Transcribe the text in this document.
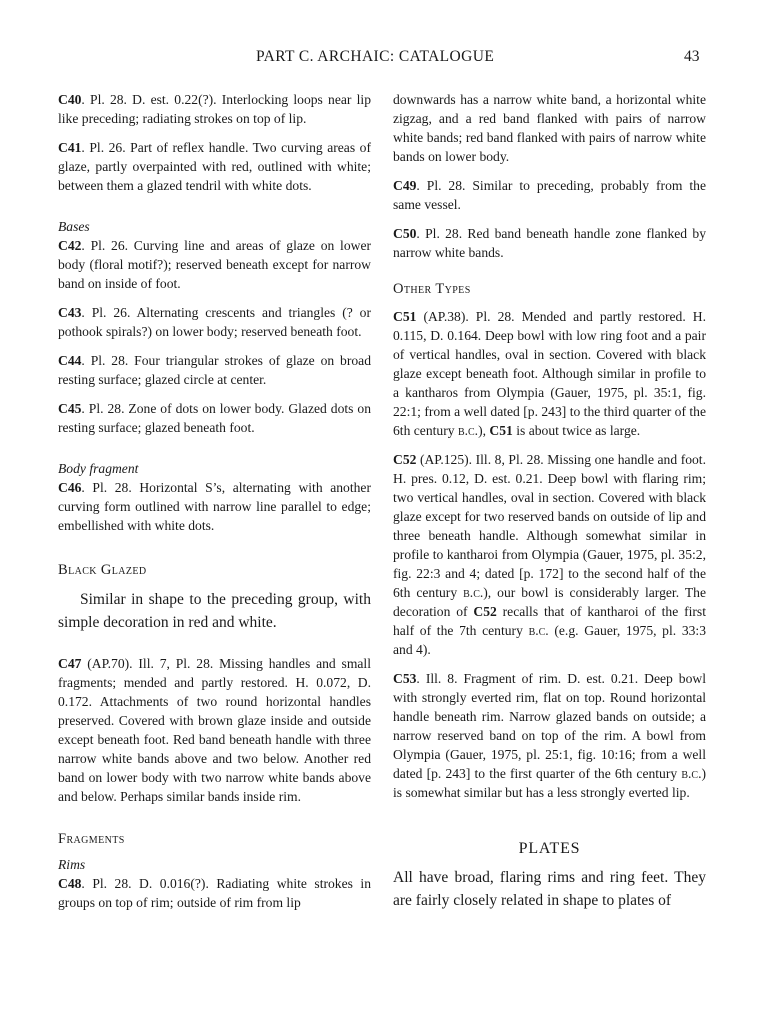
PART C. ARCHAIC: CATALOGUE	43

C40. Pl. 28. D. est. 0.22(?). Interlocking loops near lip like preceding; radiating strokes on top of lip.

C41. Pl. 26. Part of reflex handle. Two curving areas of glaze, partly overpainted with red, outlined with white; between them a glazed tendril with white dots.

Bases

C42. Pl. 26. Curving line and areas of glaze on lower body (floral motif?); reserved beneath except for narrow band on inside of foot.

C43. Pl. 26. Alternating crescents and triangles (? or pothook spirals?) on lower body; reserved beneath foot.

C44. Pl. 28. Four triangular strokes of glaze on broad resting surface; glazed circle at center.

C45. Pl. 28. Zone of dots on lower body. Glazed dots on resting surface; glazed beneath foot.

Body fragment

C46. Pl. 28. Horizontal S’s, alternating with another curving form outlined with narrow line parallel to edge; embellished with white dots.

Black Glazed

Similar in shape to the preceding group, with simple decoration in red and white.

C47 (AP.70). Ill. 7, Pl. 28. Missing handles and small fragments; mended and partly restored. H. 0.072, D. 0.172. Attachments of two round horizontal handles preserved. Covered with brown glaze inside and outside except beneath foot. Red band beneath handle with three narrow white bands above and two below. Another red band on lower body with two narrow white bands above and below. Perhaps similar bands inside rim.

Fragments

Rims

C48. Pl. 28. D. 0.016(?). Radiating white strokes in groups on top of rim; outside of rim from lip

downwards has a narrow white band, a horizontal white zigzag, and a red band flanked with pairs of narrow white bands; red band flanked with pairs of narrow white bands on lower body.

C49. Pl. 28. Similar to preceding, probably from the same vessel.

C50. Pl. 28. Red band beneath handle zone flanked by narrow white bands.

Other Types

C51 (AP.38). Pl. 28. Mended and partly restored. H. 0.115, D. 0.164. Deep bowl with low ring foot and a pair of vertical handles, oval in section. Covered with black glaze except beneath foot. Although similar in profile to a kantharos from Olympia (Gauer, 1975, pl. 35:1, fig. 22:1; from a well dated [p. 243] to the third quarter of the 6th century b.c.), C51 is about twice as large.

C52 (AP.125). Ill. 8, Pl. 28. Missing one handle and foot. H. pres. 0.12, D. est. 0.21. Deep bowl with flaring rim; two vertical handles, oval in section. Covered with black glaze except for two reserved bands on outside of lip and three beneath handle. Although somewhat similar in profile to kantharoi from Olympia (Gauer, 1975, pl. 35:2, fig. 22:3 and 4; dated [p. 172] to the second half of the 6th century b.c.), our bowl is considerably larger. The decoration of C52 recalls that of kantharoi of the first half of the 7th century b.c. (e.g. Gauer, 1975, pl. 33:3 and 4).

C53. Ill. 8. Fragment of rim. D. est. 0.21. Deep bowl with strongly everted rim, flat on top. Round horizontal handle beneath rim. Narrow glazed bands on outside; a narrow reserved band on top of the rim. A bowl from Olympia (Gauer, 1975, pl. 25:1, fig. 10:16; from a well dated [p. 243] to the first quarter of the 6th century b.c.) is somewhat similar but has a less strongly everted lip.

PLATES

All have broad, flaring rims and ring feet. They are fairly closely related in shape to plates of
